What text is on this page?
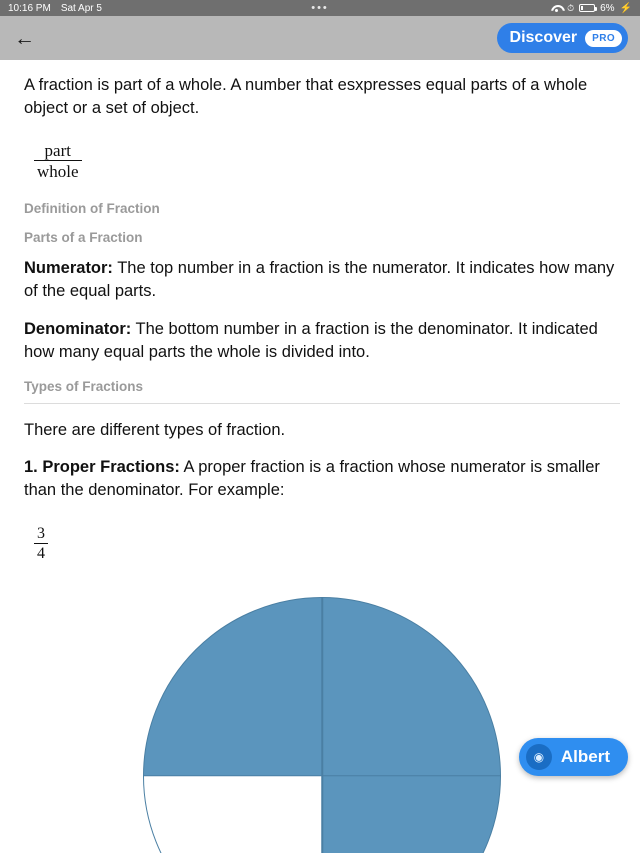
10:16 PM Sat Apr 5	•••	⏱	6% ⚡
←	Discover	PRO

A fraction is part of a whole. A number that esxpresses equal parts of a whole object or a set of object.

$\frac{\text{part}}{\text{whole}}$
Definition of Fraction
Parts of a Fraction

Numerator: The top number in a fraction is the numerator. It indicates how many of the equal parts.

Denominator: The bottom number in a fraction is the denominator. It indicated how many equal parts the whole is divided into.

Types of Fractions

There are different types of fraction.

1. Proper Fractions: A proper fraction is a fraction whose numerator is smaller than the denominator. For example:

$\frac{3}{4}$
◉ Albert
